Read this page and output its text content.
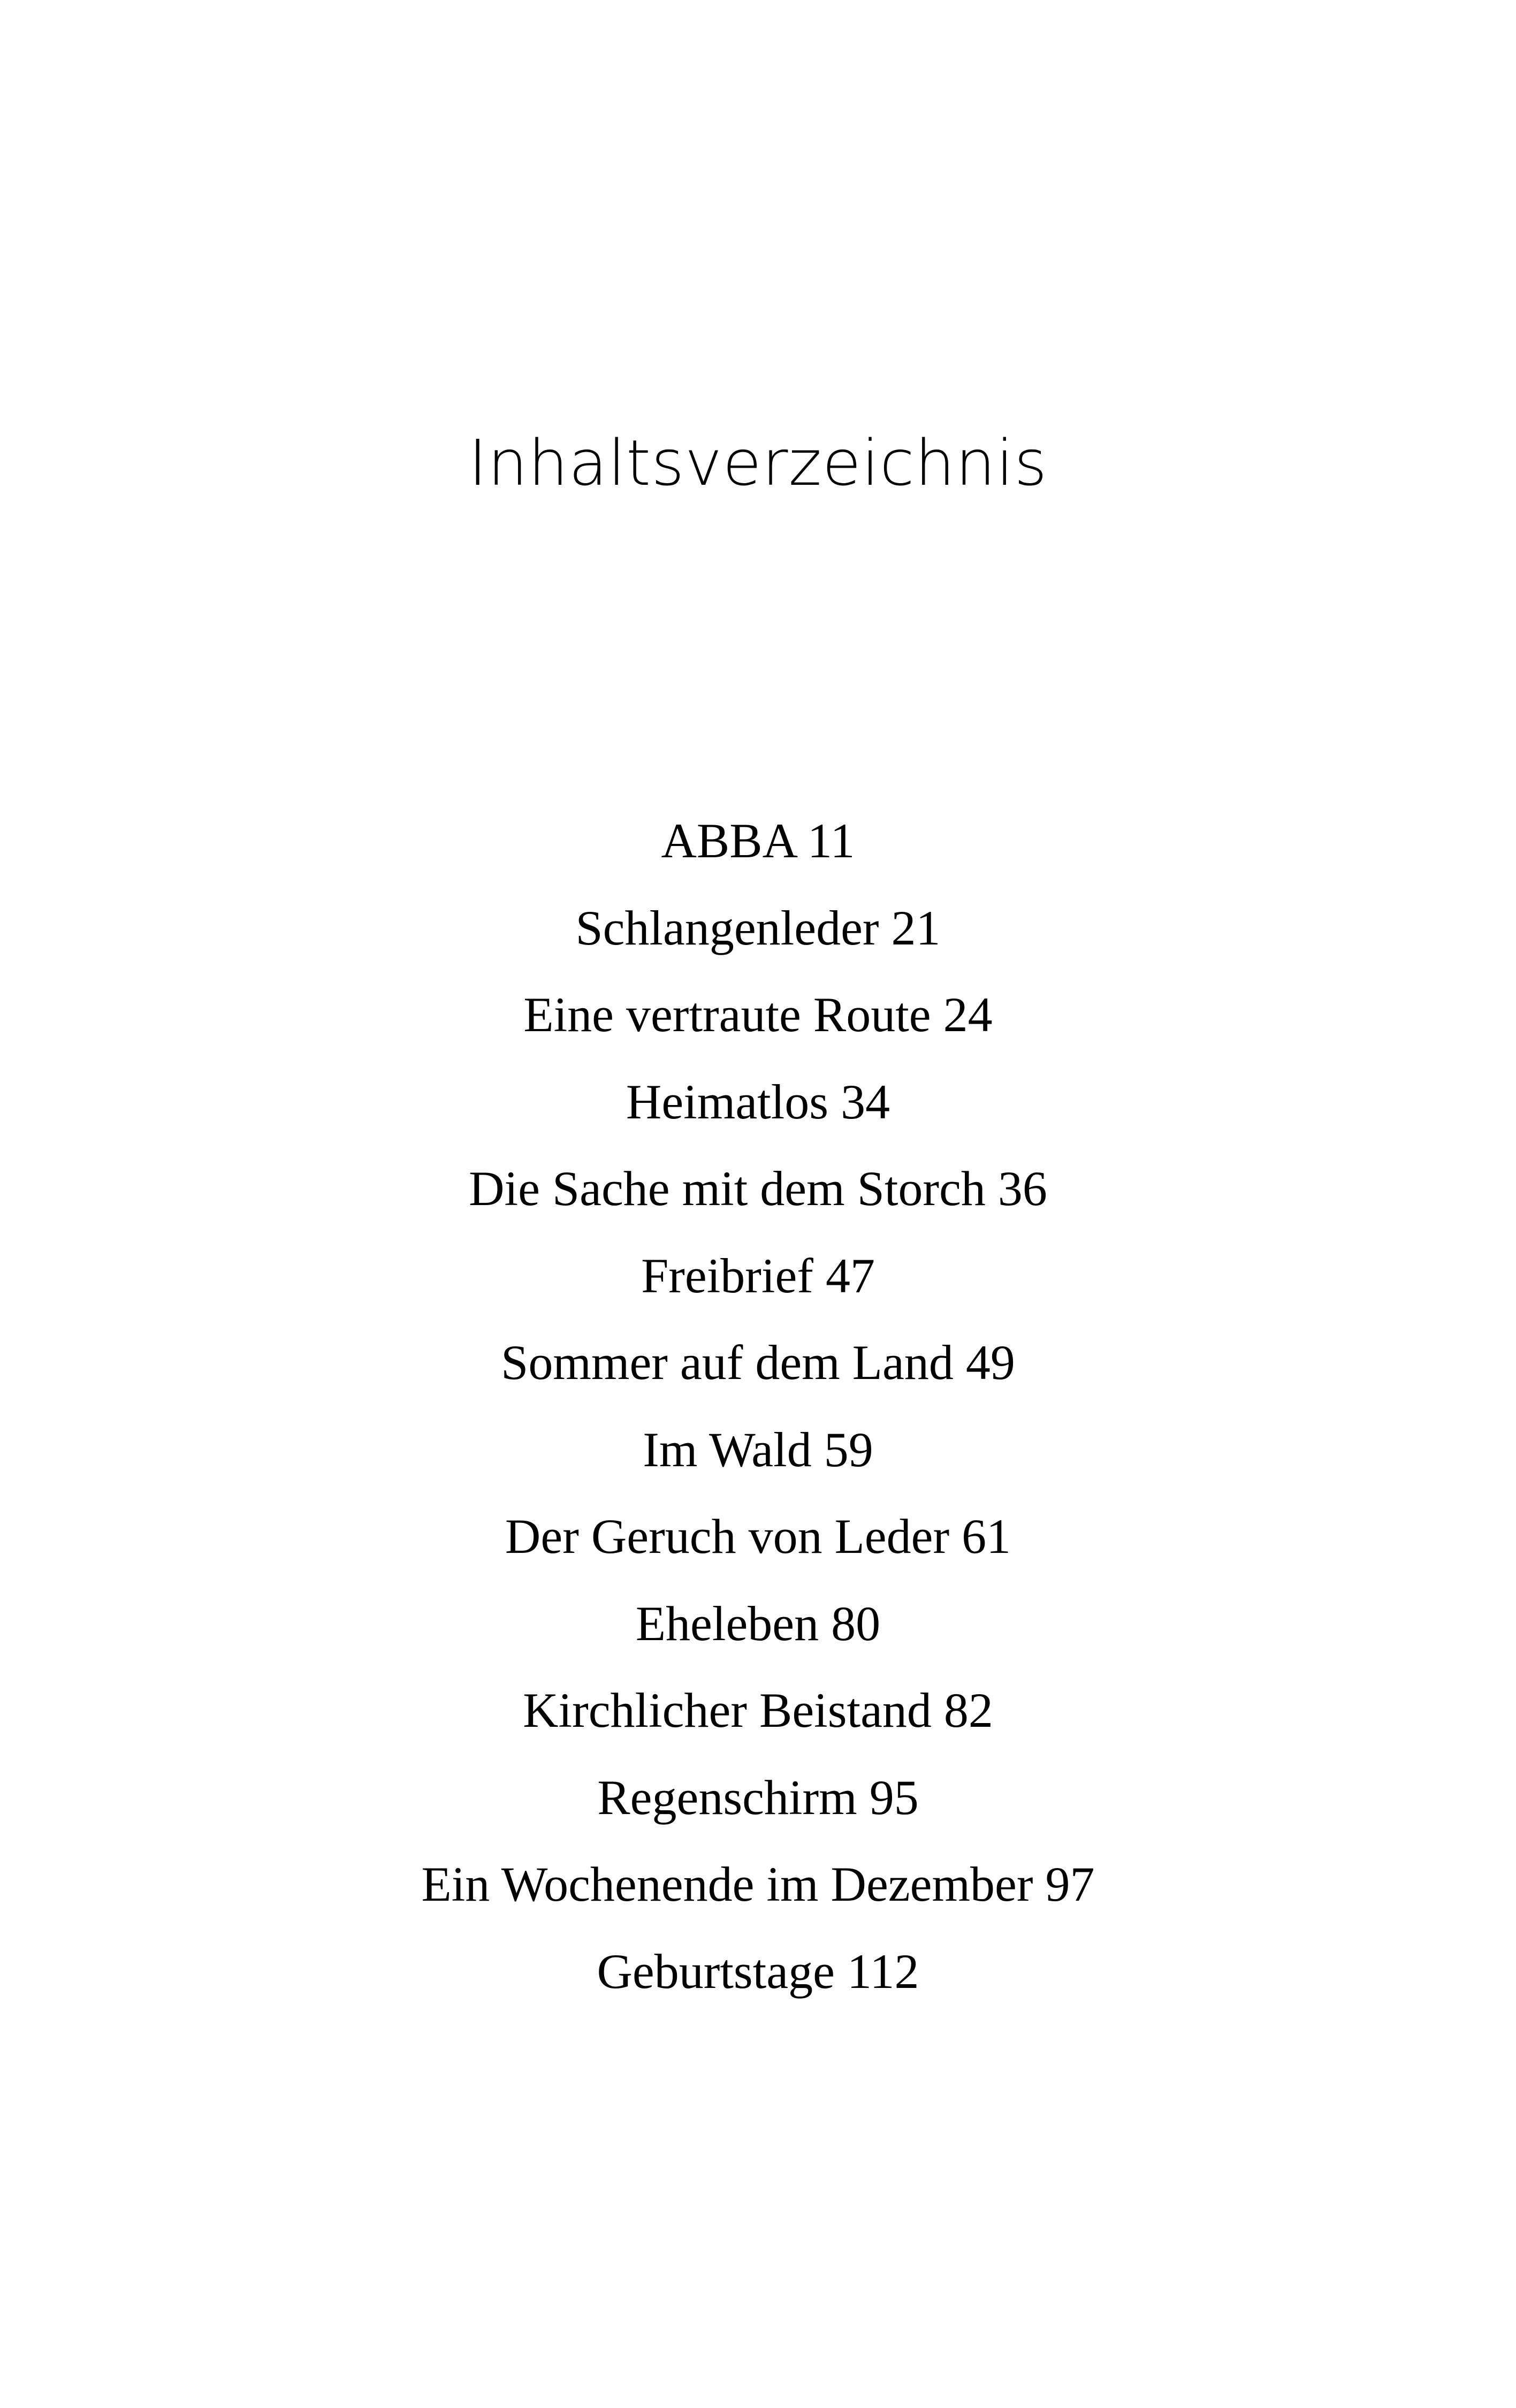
Inhaltsverzeichnis
ABBA 11
Schlangenleder 21
Eine vertraute Route 24
Heimatlos 34
Die Sache mit dem Storch 36
Freibrief 47
Sommer auf dem Land 49
Im Wald 59
Der Geruch von Leder 61
Eheleben 80
Kirchlicher Beistand 82
Regenschirm 95
Ein Wochenende im Dezember 97
Geburtstage 112
